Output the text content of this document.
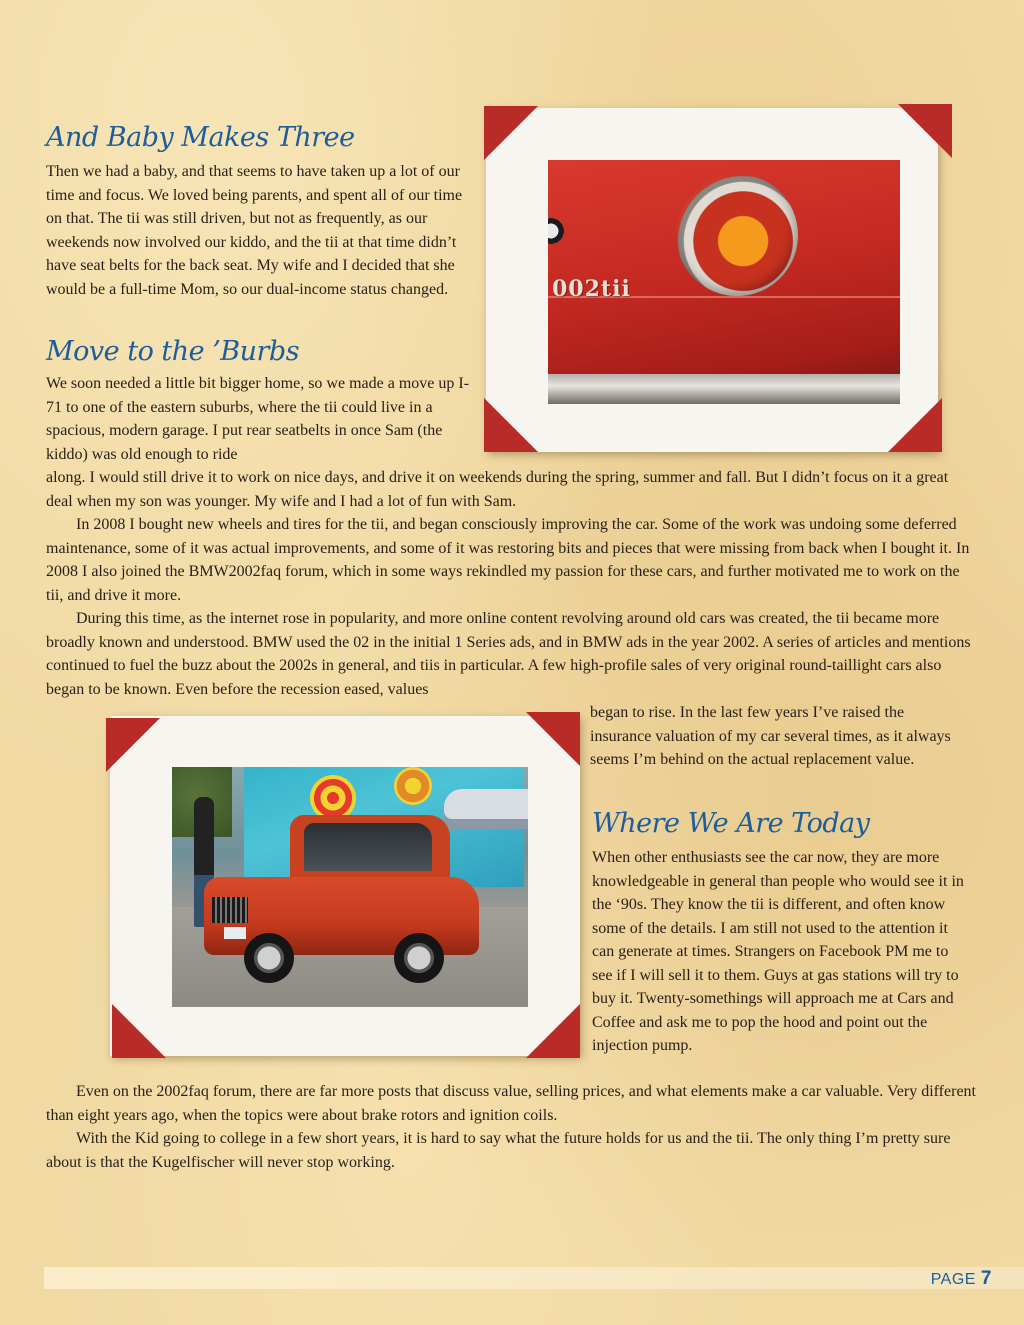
002tii
And Baby Makes Three

Then we had a baby, and that seems to have taken up a lot of our time and focus. We loved being parents, and spent all of our time on that. The tii was still driven, but not as frequently, as our weekends now involved our kiddo, and the tii at that time didn’t have seat belts for the back seat. My wife and I decided that she would be a full-time Mom, so our dual-income status changed.

Move to the ’Burbs

We soon needed a little bit bigger home, so we made a move up I-71 to one of the eastern suburbs, where the tii could live in a spacious, modern garage. I put rear seatbelts in once Sam (the kiddo) was old enough to ride

along. I would still drive it to work on nice days, and drive it on weekends during the spring, summer and fall. But I didn’t focus on it a great deal when my son was younger. My wife and I had a lot of fun with Sam.

In 2008 I bought new wheels and tires for the tii, and began consciously improving the car. Some of the work was undoing some deferred maintenance, some of it was actual improvements, and some of it was restoring bits and pieces that were missing from back when I bought it. In 2008 I also joined the BMW2002faq forum, which in some ways rekindled my passion for these cars, and further motivated me to work on the tii, and drive it more.

During this time, as the internet rose in popularity, and more online content revolving around old cars was created, the tii became more broadly known and understood. BMW used the 02 in the initial 1 Series ads, and in BMW ads in the year 2002. A series of articles and mentions continued to fuel the buzz about the 2002s in general, and tiis in particular. A few high-profile sales of very original round-taillight cars also began to be known. Even before the recession eased, values

began to rise. In the last few years I’ve raised the insurance valuation of my car several times, as it always seems I’m behind on the actual replacement value.

Where We Are Today

When other enthusiasts see the car now, they are more knowledgeable in general than people who would see it in the ‘90s. They know the tii is different, and often know some of the details. I am still not used to the attention it can generate at times. Strangers on Facebook PM me to see if I will sell it to them. Guys at gas stations will try to buy it. Twenty-somethings will approach me at Cars and Coffee and ask me to pop the hood and point out the injection pump.

Even on the 2002faq forum, there are far more posts that discuss value, selling prices, and what elements make a car valuable. Very different than eight years ago, when the topics were about brake rotors and ignition coils.

With the Kid going to college in a few short years, it is hard to say what the future holds for us and the tii. The only thing I’m pretty sure about is that the Kugelfischer will never stop working.

PAGE 7
